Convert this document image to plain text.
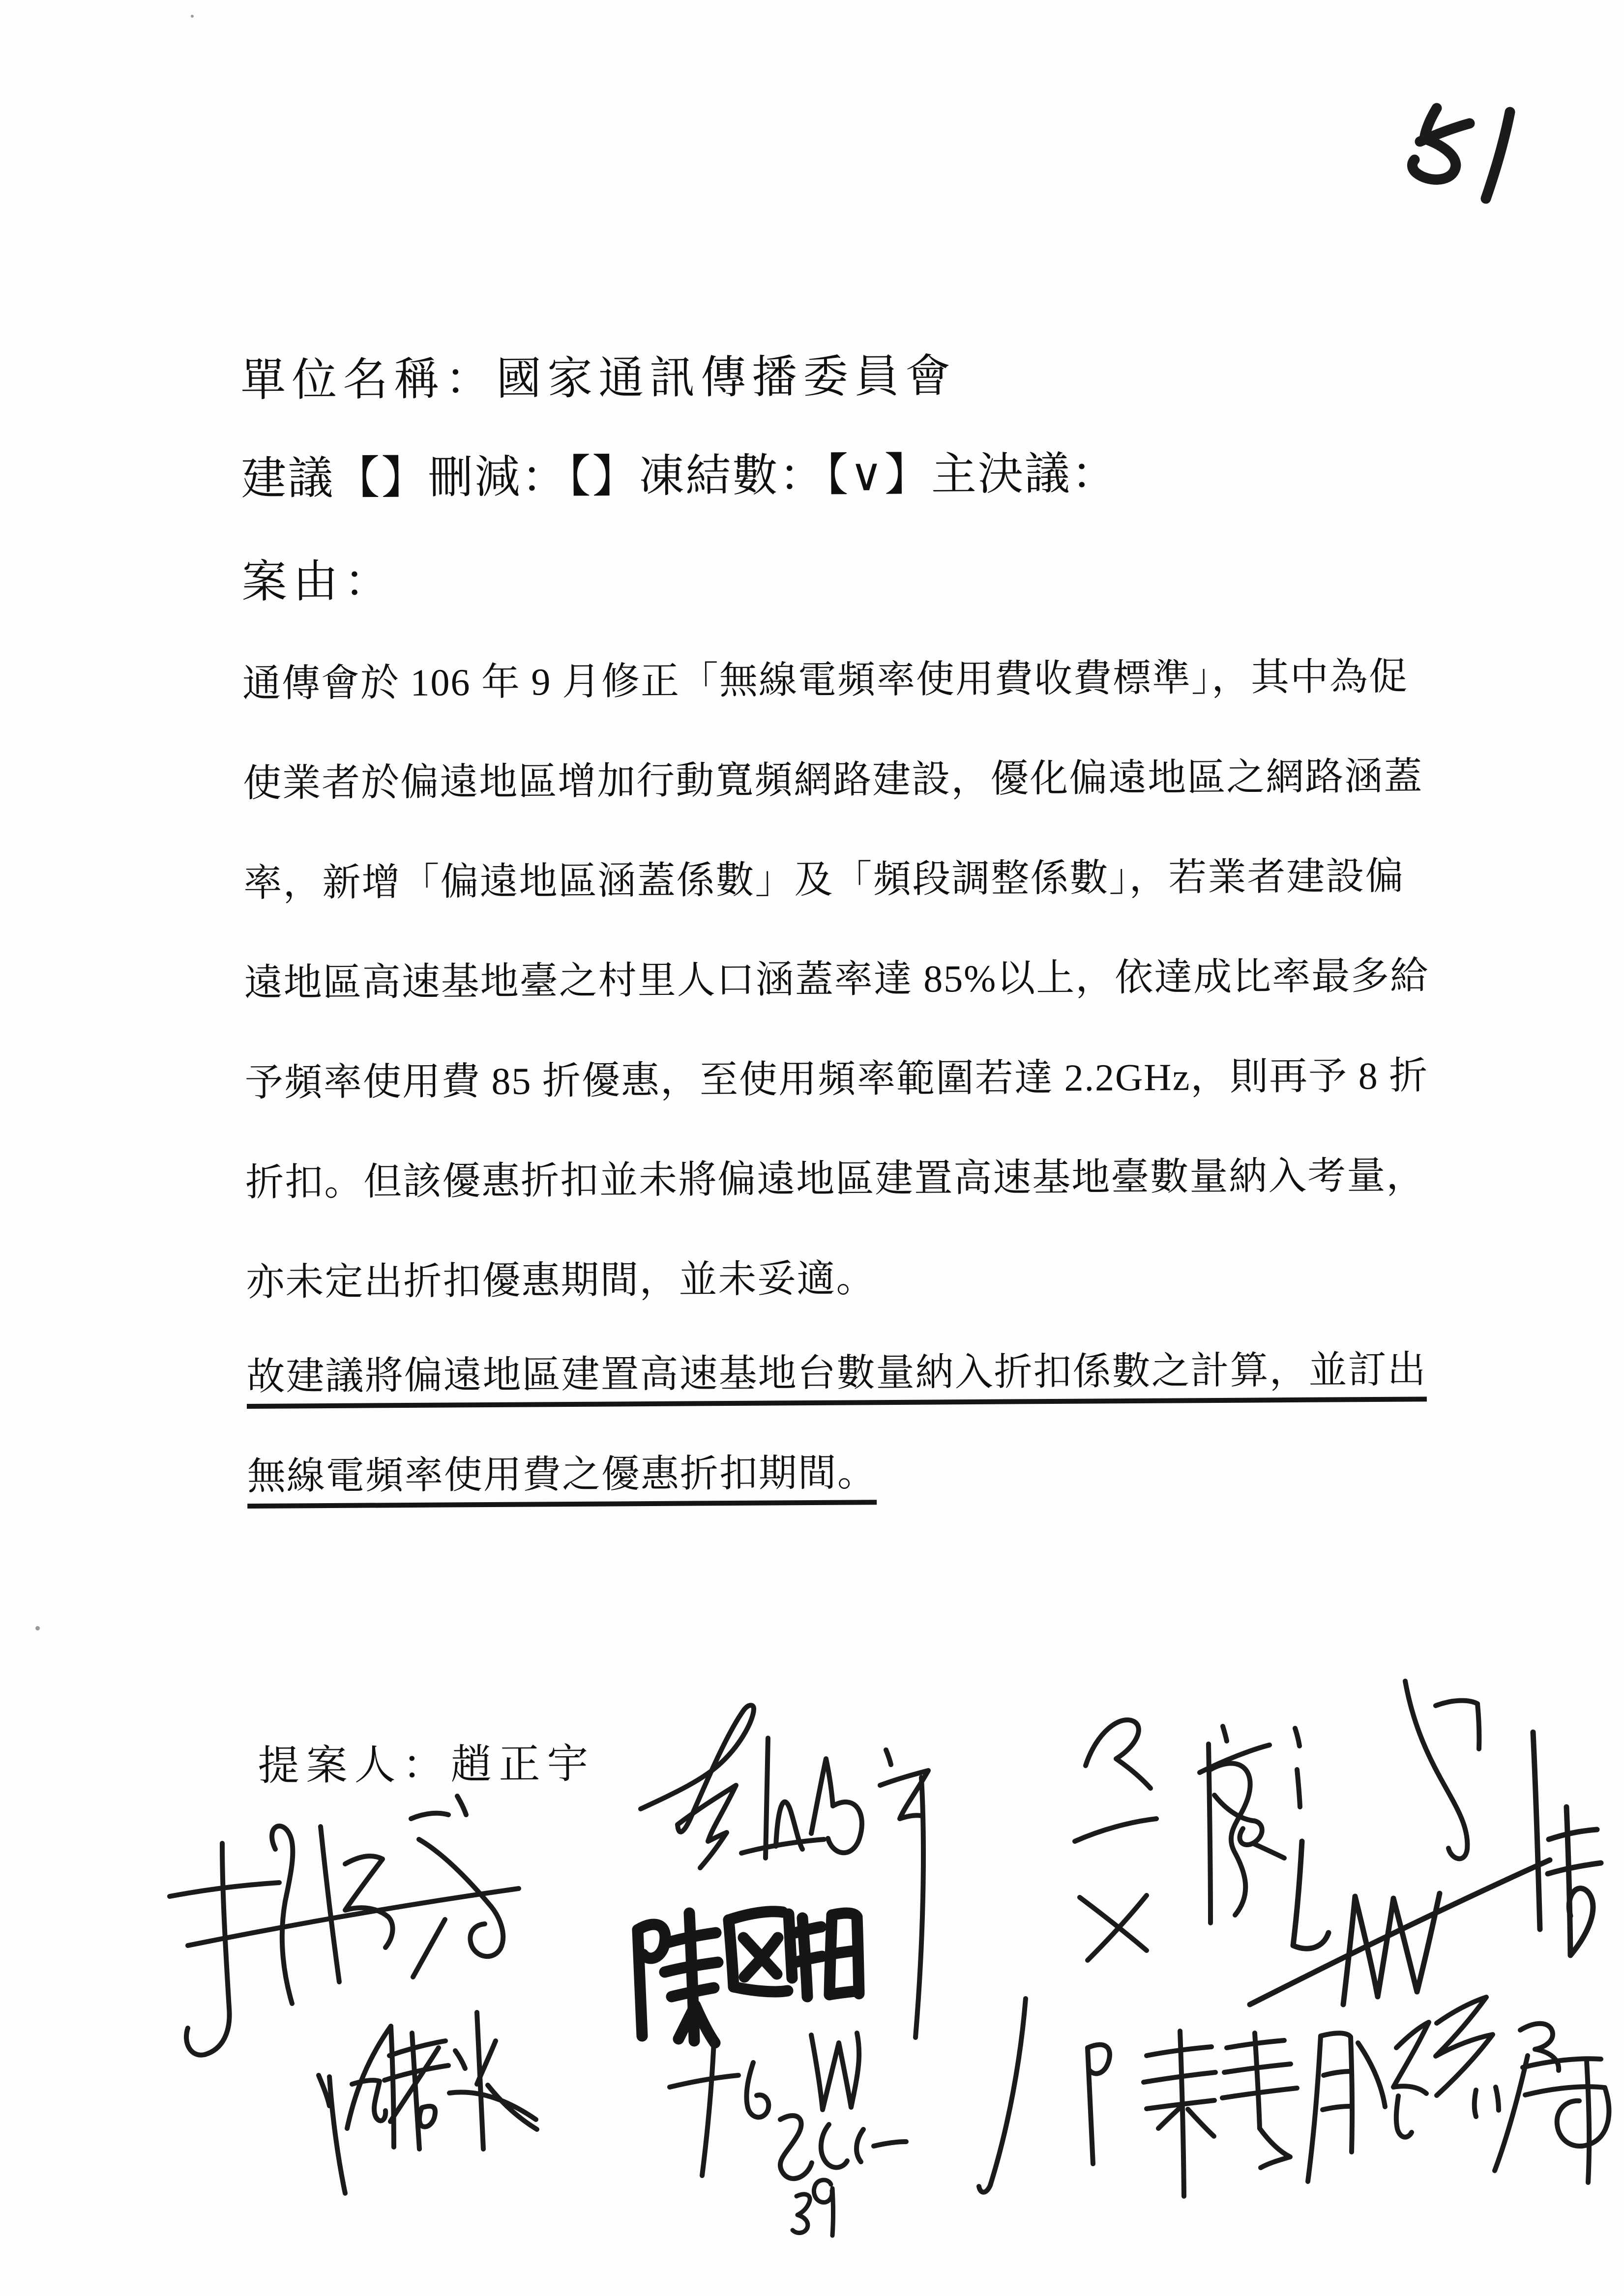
單位名稱：國家通訊傳播委員會
建議【】刪減：【】凍結數：【∨】主決議：
案由：
通傳會於 106 年 9 月修正「無線電頻率使用費收費標準」，其中為促
使業者於偏遠地區增加行動寬頻網路建設，優化偏遠地區之網路涵蓋
率，新增「偏遠地區涵蓋係數」及「頻段調整係數」，若業者建設偏
遠地區高速基地臺之村里人口涵蓋率達 85%以上，依達成比率最多給
予頻率使用費 85 折優惠，至使用頻率範圍若達 2.2GHz，則再予 8 折
折扣。但該優惠折扣並未將偏遠地區建置高速基地臺數量納入考量，
亦未定出折扣優惠期間，並未妥適。
故建議將偏遠地區建置高速基地台數量納入折扣係數之計算，並訂出
無線電頻率使用費之優惠折扣期間。
提案人：趙正宇
